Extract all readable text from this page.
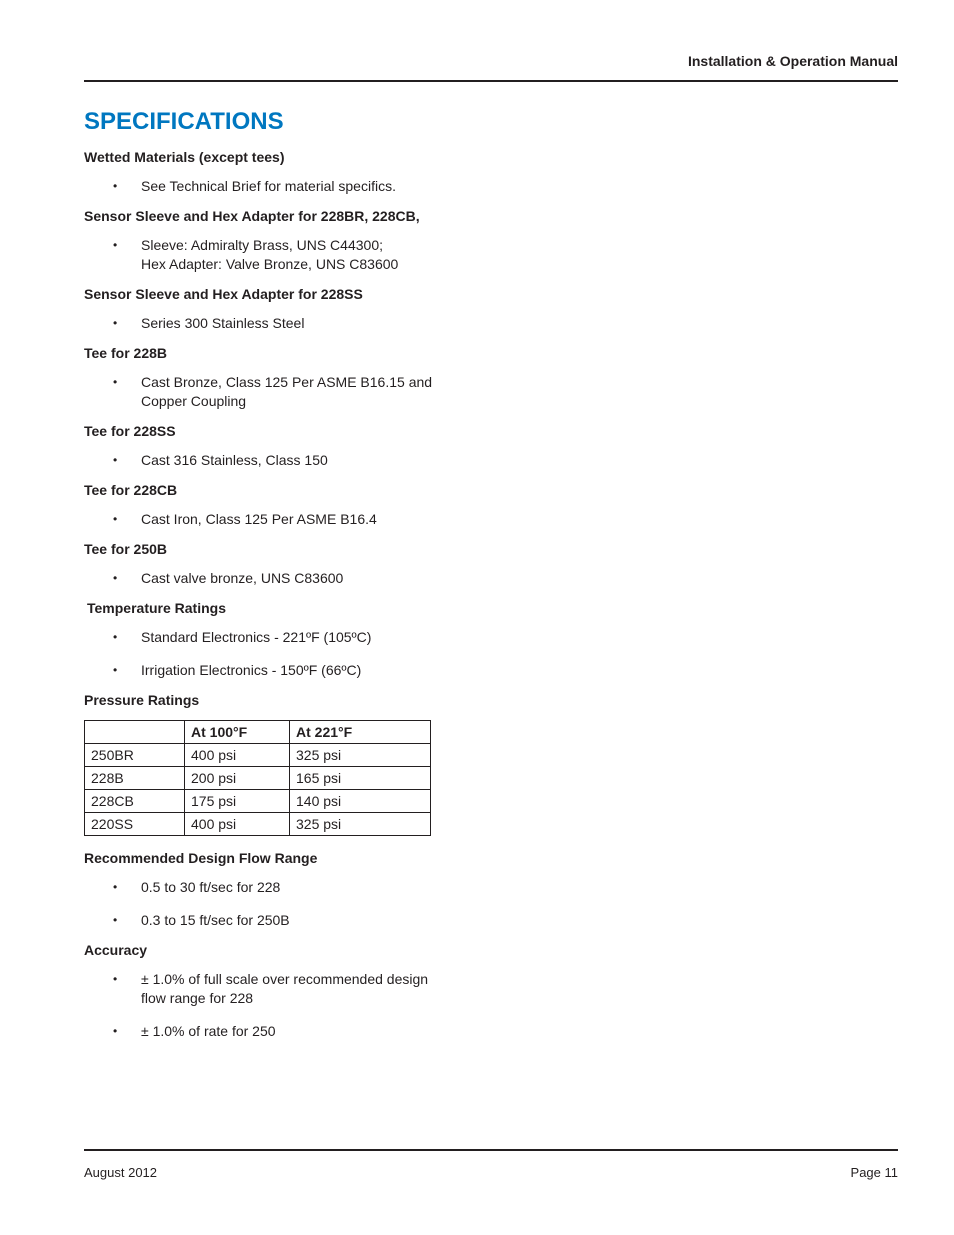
Installation & Operation Manual
SPECIFICATIONS
Wetted Materials (except tees)
• See Technical Brief for material specifics.
Sensor Sleeve and Hex Adapter for 228BR, 228CB,
• Sleeve: Admiralty Brass, UNS C44300;
Hex Adapter: Valve Bronze, UNS C83600
Sensor Sleeve and Hex Adapter for 228SS
• Series 300 Stainless Steel
Tee for 228B
• Cast Bronze, Class 125 Per ASME B16.15 and
Copper Coupling
Tee for 228SS
• Cast 316 Stainless, Class 150
Tee for 228CB
• Cast Iron, Class 125 Per ASME B16.4
Tee for 250B
• Cast valve bronze, UNS C83600
Temperature Ratings
• Standard Electronics - 221ºF (105ºC)
• Irrigation Electronics - 150ºF (66ºC)
Pressure Ratings
	At 100°F	At 221°F
250BR	400 psi	325 psi
228B	200 psi	165 psi
228CB	175 psi	140 psi
220SS	400 psi	325 psi
Recommended Design Flow Range
• 0.5 to 30 ft/sec for 228
• 0.3 to 15 ft/sec for 250B
Accuracy
• ± 1.0% of full scale over recommended design
flow range for 228
• ± 1.0% of rate for 250
August 2012	Page 11
